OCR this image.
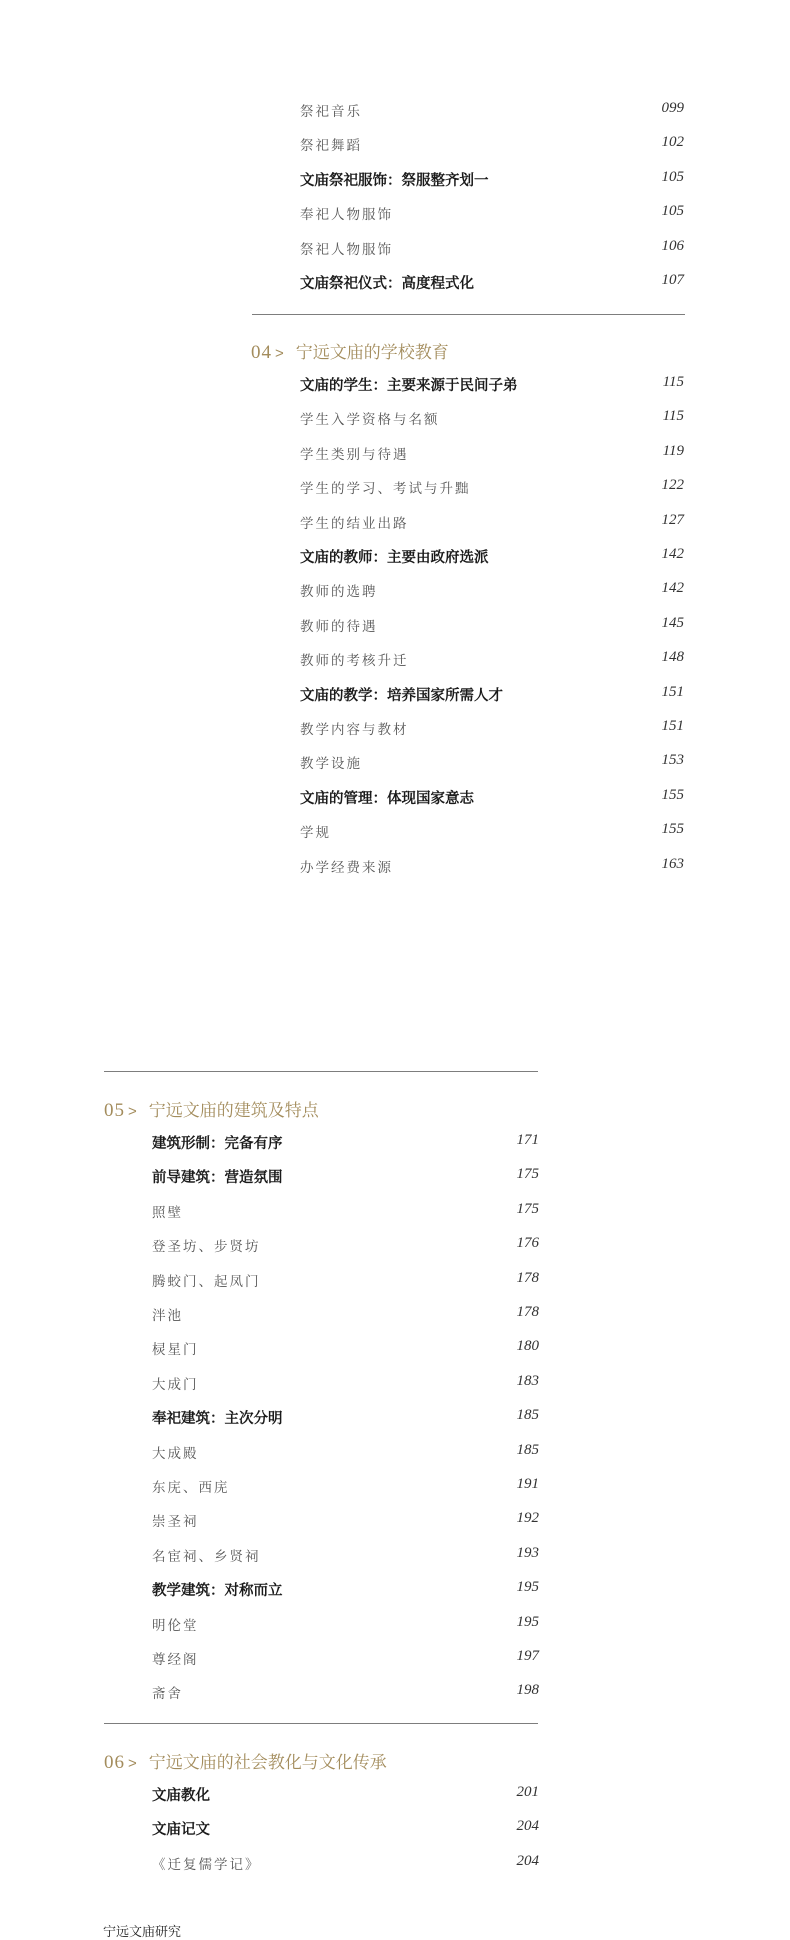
祭祀音乐	099
祭祀舞蹈	102
文庙祭祀服饰：祭服整齐划一	105
奉祀人物服饰	105
祭祀人物服饰	106
文庙祭祀仪式：高度程式化	107
04 > 宁远文庙的学校教育
文庙的学生：主要来源于民间子弟	115
学生入学资格与名额	115
学生类别与待遇	119
学生的学习、考试与升黜	122
学生的结业出路	127
文庙的教师：主要由政府选派	142
教师的选聘	142
教师的待遇	145
教师的考核升迁	148
文庙的教学：培养国家所需人才	151
教学内容与教材	151
教学设施	153
文庙的管理：体现国家意志	155
学规	155
办学经费来源	163
05 > 宁远文庙的建筑及特点
建筑形制：完备有序	171
前导建筑：营造氛围	175
照壁	175
登圣坊、步贤坊	176
腾蛟门、起凤门	178
泮池	178
棂星门	180
大成门	183
奉祀建筑：主次分明	185
大成殿	185
东庑、西庑	191
崇圣祠	192
名宦祠、乡贤祠	193
教学建筑：对称而立	195
明伦堂	195
尊经阁	197
斋舍	198
06 > 宁远文庙的社会教化与文化传承
文庙教化	201
文庙记文	204
《迁复儒学记》	204
宁远文庙研究
